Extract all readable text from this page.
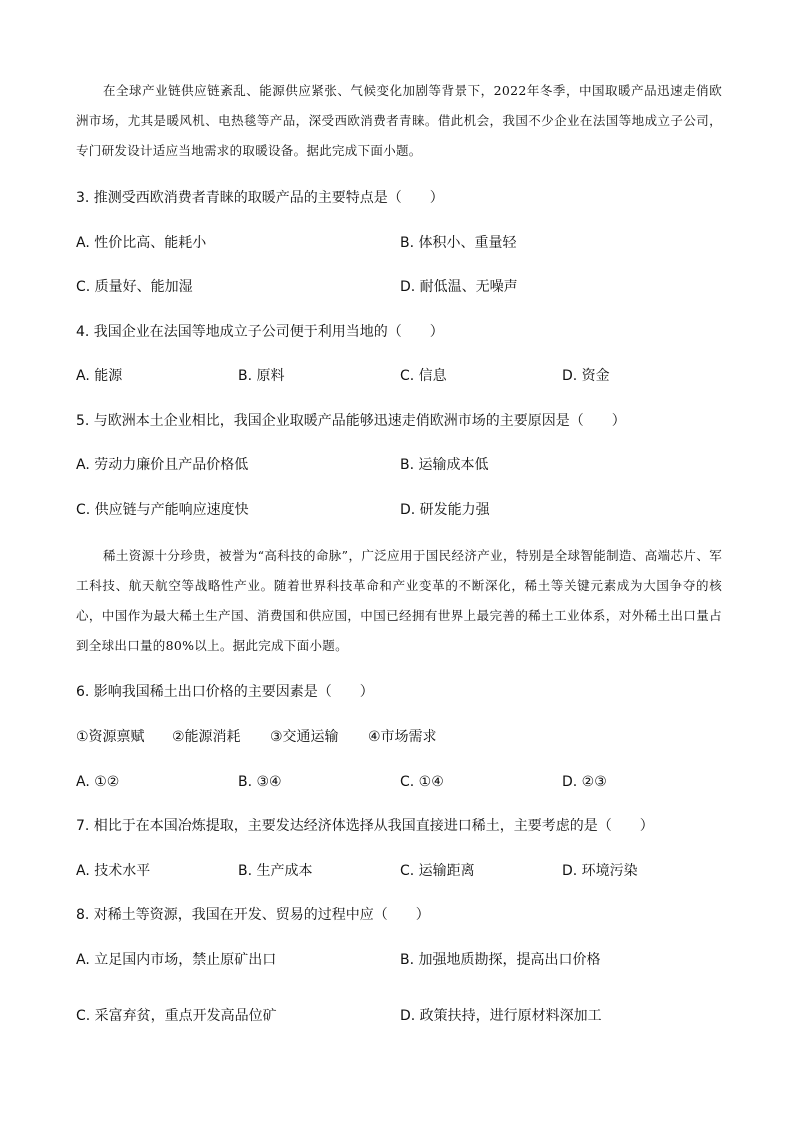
在全球产业链供应链紊乱、能源供应紧张、气候变化加剧等背景下，2022年冬季，中国取暖产品迅速走俏欧洲市场，尤其是暖风机、电热毯等产品，深受西欧消费者青睐。借此机会，我国不少企业在法国等地成立子公司，专门研发设计适应当地需求的取暖设备。据此完成下面小题。

3. 推测受西欧消费者青睐的取暖产品的主要特点是（　　）

A. 性价比高、能耗小	B. 体积小、重量轻
C. 质量好、能加湿	D. 耐低温、无噪声

4. 我国企业在法国等地成立子公司便于利用当地的（　　）

A. 能源	B. 原料	C. 信息	D. 资金

5. 与欧洲本土企业相比，我国企业取暖产品能够迅速走俏欧洲市场的主要原因是（　　）

A. 劳动力廉价且产品价格低	B. 运输成本低
C. 供应链与产能响应速度快	D. 研发能力强

稀土资源十分珍贵，被誉为“高科技的命脉”，广泛应用于国民经济产业，特别是全球智能制造、高端芯片、军工科技、航天航空等战略性产业。随着世界科技革命和产业变革的不断深化，稀土等关键元素成为大国争夺的核心，中国作为最大稀土生产国、消费国和供应国，中国已经拥有世界上最完善的稀土工业体系，对外稀土出口量占到全球出口量的80%以上。据此完成下面小题。

6. 影响我国稀土出口价格的主要因素是（　　）

①资源禀赋 ②能源消耗 ③交通运输 ④市场需求
A. ①②	B. ③④	C. ①④	D. ②③

7. 相比于在本国冶炼提取，主要发达经济体选择从我国直接进口稀土，主要考虑的是（　　）

A. 技术水平	B. 生产成本	C. 运输距离	D. 环境污染

8. 对稀土等资源，我国在开发、贸易的过程中应（　　）

A. 立足国内市场，禁止原矿出口	B. 加强地质勘探，提高出口价格
C. 采富弃贫，重点开发高品位矿	D. 政策扶持，进行原材料深加工
